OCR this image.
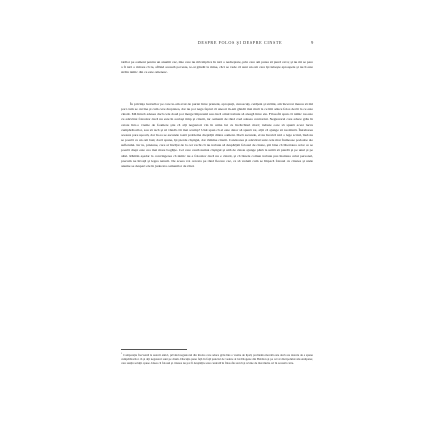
DESPRE FOLOS ŞI DESPRE CINSTE	9

tatălor pe oameni pentru un anumit caz, mie care nu mă implica în nici o nedreptate, prin care am putea să pierd ceva; şi nu mi se pare a fi nici o mirare că tu, aflând această poveste, te-ai gândit la mine, căci se vede că sunt un om care îşi iubeşte aproapele şi nu îi este străin nimic din ce este omenesc.

În privinţa lucrurilor pe care le-am avut de purtat între prieteni, apropiaţi, cunoscuţi, cetăţeni şi străini, am încercat mereu să mă port cum se cuvine şi cum cere dreptatea, dar nu pot nega faptul că uneori m-am gândit mai mult la ce îmi aduce folos decât la ce este cinstit. Mă întreb adesea dacă cele două pot merge împreună sau dacă omul trebuie să aleagă între ele. Filosofii spun că nimic nu este cu adevărat folositor dacă nu este în acelaşi timp şi cinstit, iar oamenii de rând cred adesea contrariul. Negustorul care aduce grâu în cetate într-o vreme de foamete ştie că alţi negustori vin în urma lui cu încărcături mari; trebuie oare să spună acest lucru cumpărătorilor, sau să tacă şi să vândă cât mai scump? Unii spun că el este dator să spună tot, alţii că ajunge să nu mintă. Întrebarea aceasta pare uşoară, dar în ea se ascunde toată problema dreptăţii dintre oameni. Dacă ascunde, el nu încalcă nici o lege scrisă, însă nu se poartă ca un om bun; dacă spune, îşi pierde câştigul, dar rămâne cinstit. Candoarea şi adevărul sunt cele mai frumoase podoabe ale sufletului. Iar tu, prietene, care ai învăţat de la cei vechi că nu trebuie să despărţim folosul de cinste, ştii bine că libertatea celor ce se poartă drept este cea mai mare bogăţie. Cel care caută numai câştigul şi uită de cinste ajunge până la urmă să piardă şi pe unul şi pe altul. Rămân aşadar la convingerea că nimic nu e folositor dacă nu e cinstit, şi că binele comun trebuie pus înaintea celui personal, precum ne învaţă şi legea naturii. De aceea voi cerceta pe rând fiecare caz, ca să vedem cum se împacă folosul cu cinstea şi unde anume se despart ele în judecata oamenilor de rând.

$^1$Comparaţie frecventă la autorii antici, privind negustorul din Rodos care aduce grâu într-o vreme de lipsă; problema morală este dacă are datoria de a spune cumpărătorilor că şi alţi negustori sunt pe drum. Discuţia pune faţă în faţă punctul de vedere al lui Diogene din Babilon şi pe cel al discipolului său Antipater, care susţin soluţii opuse. Ideea că folosul şi cinstea nu pot fi despărţite este centrală în filosofia stoică şi revine de mai multe ori în această carte.
